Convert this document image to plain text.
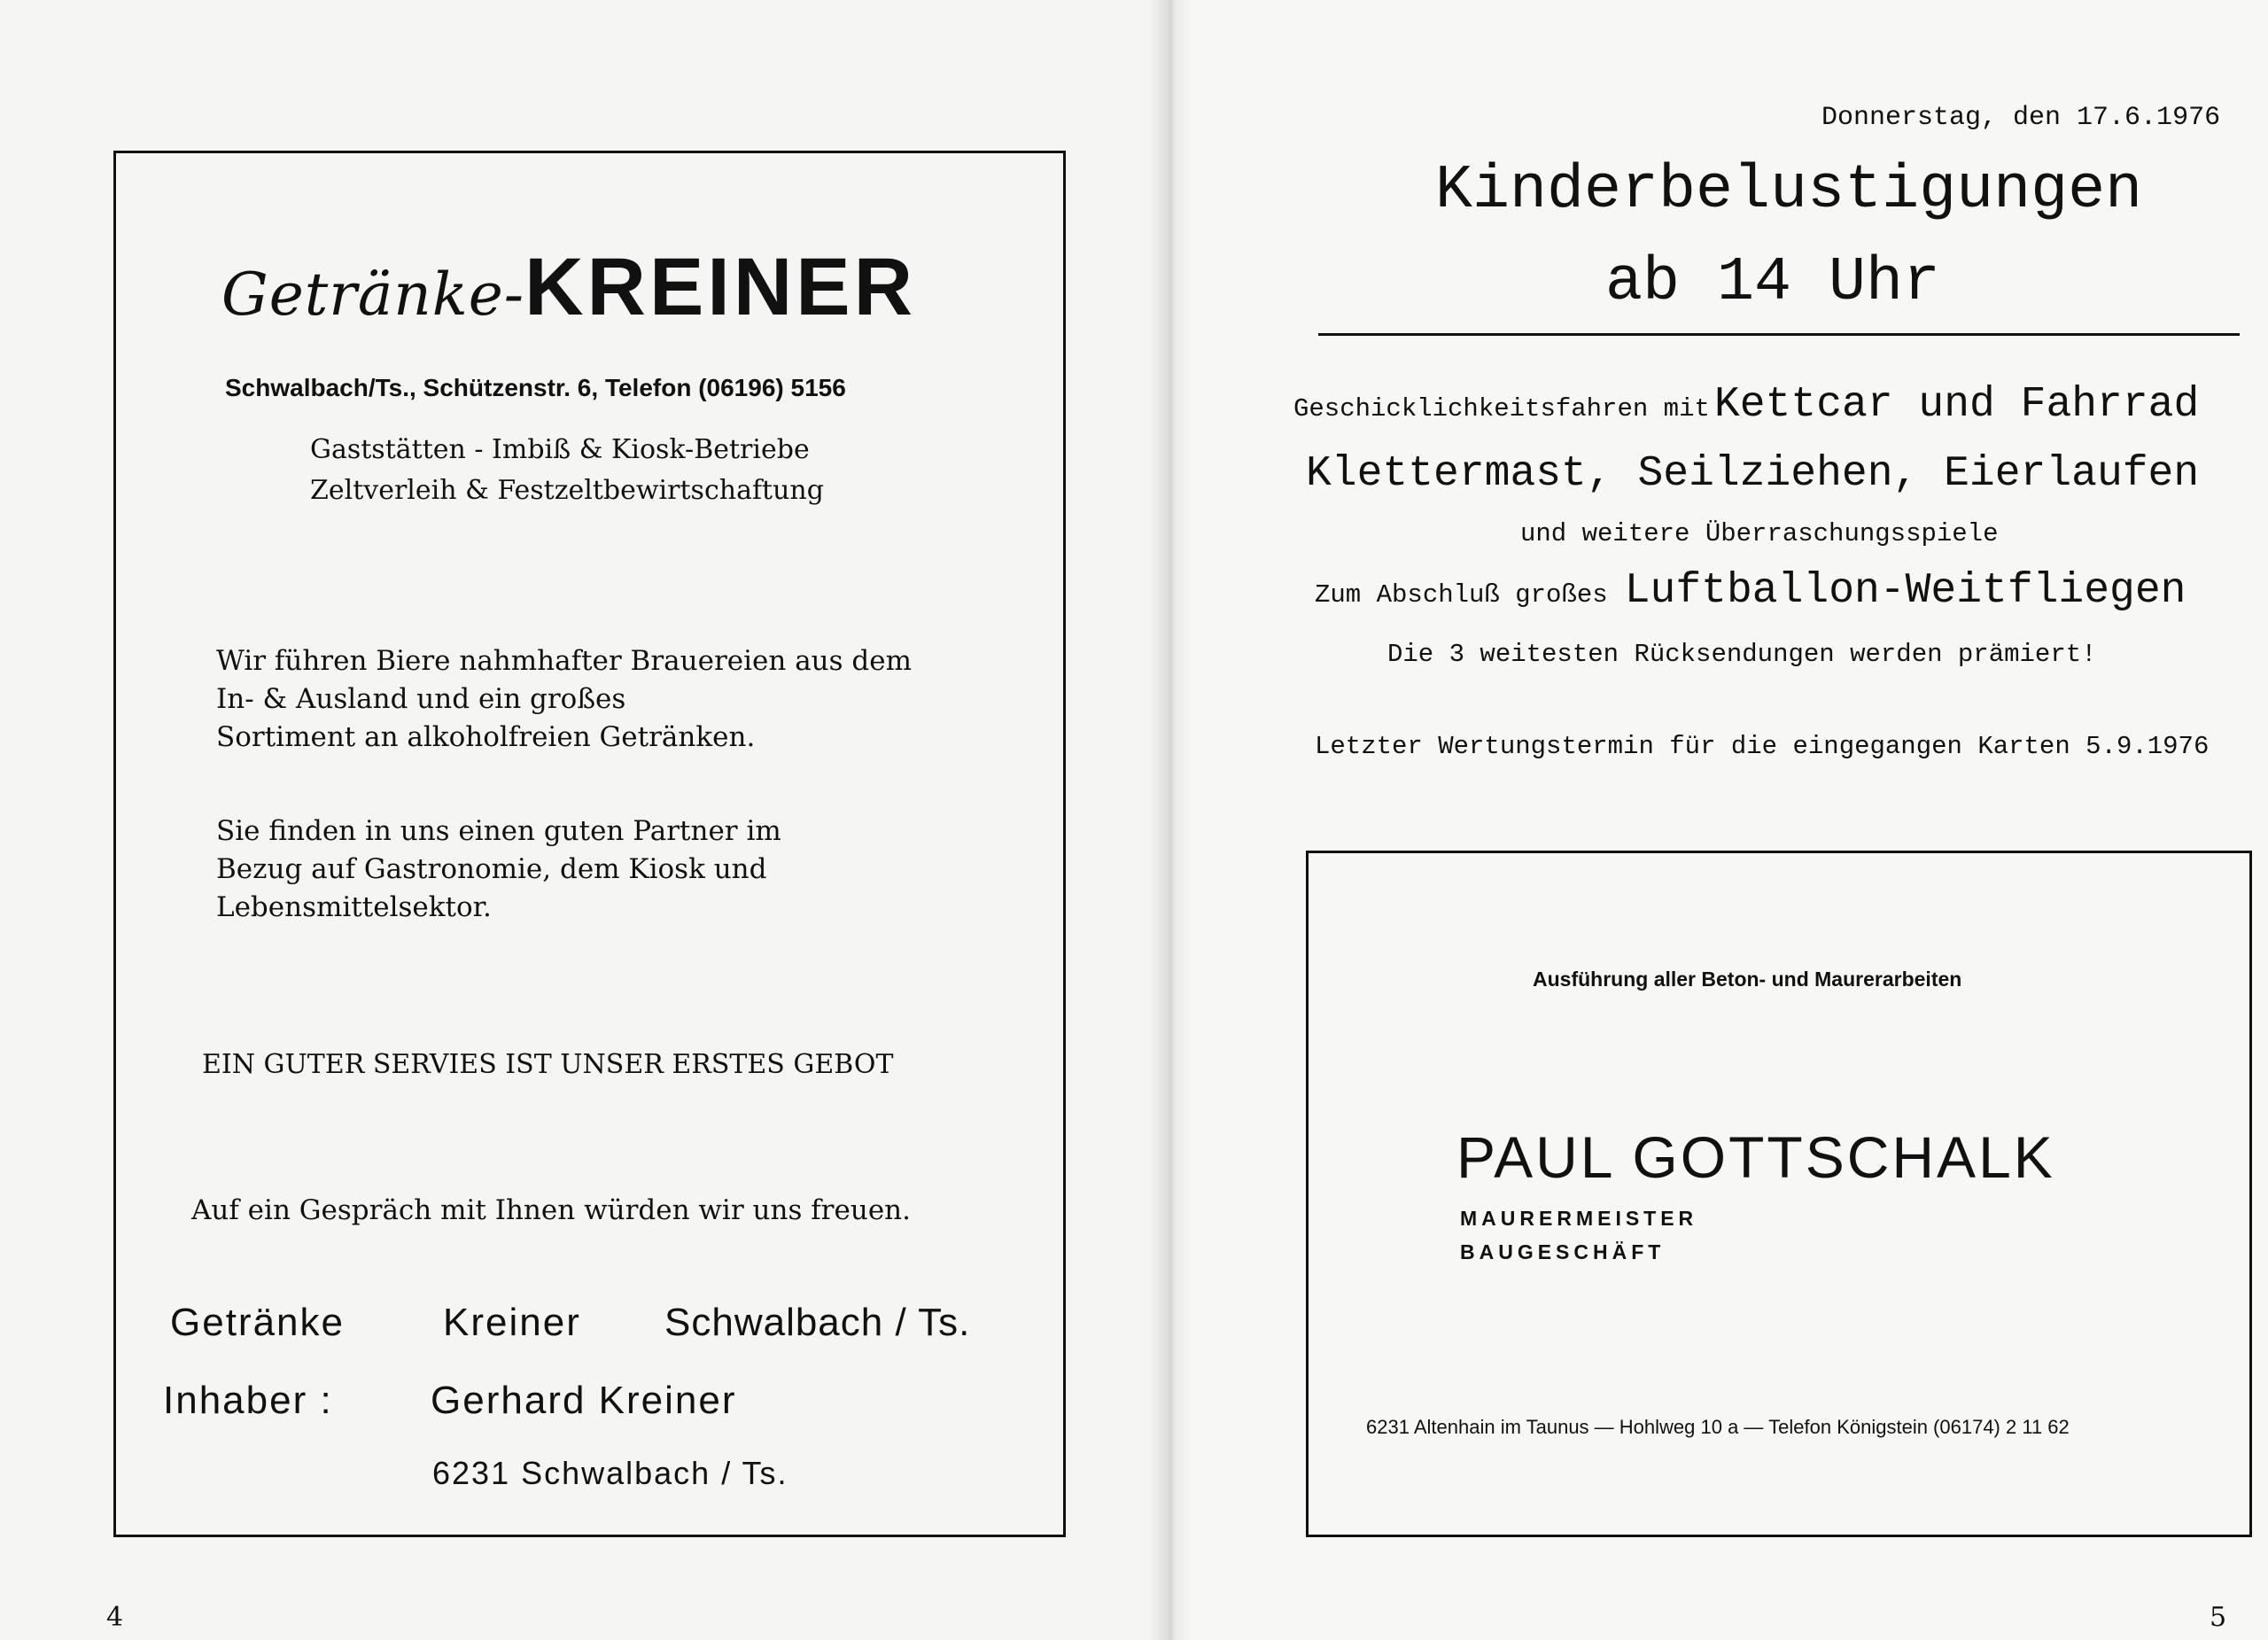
Getränke-KREINER
Schwalbach/Ts., Schützenstr. 6, Telefon (06196) 5156
Gaststätten - Imbiß & Kiosk-Betriebe
Zeltverleih & Festzeltbewirtschaftung
Wir führen Biere nahmhafter Brauereien aus dem
In- & Ausland und ein großes
Sortiment an alkoholfreien Getränken.
Sie finden in uns einen guten Partner im
Bezug auf Gastronomie, dem Kiosk und
Lebensmittelsektor.
EIN GUTER SERVIES IST UNSER ERSTES GEBOT
Auf ein Gespräch mit Ihnen würden wir uns freuen.
Getränke	Kreiner Schwalbach / Ts.
Inhaber :	Gerhard Kreiner
6231 Schwalbach / Ts.
4
Donnerstag, den 17.6.1976
Kinderbelustigungen
ab 14 Uhr
Geschicklichkeitsfahren mit Kettcar und Fahrrad
Klettermast, Seilziehen, Eierlaufen
und weitere Überraschungsspiele
Zum Abschluß großes Luftballon-Weitfliegen
Die 3 weitesten Rücksendungen werden prämiert!
Letzter Wertungstermin für die eingegangen Karten 5.9.1976
Ausführung aller Beton- und Maurerarbeiten
PAUL GOTTSCHALK
MAURERMEISTER
BAUGESCHÄFT
6231 Altenhain im Taunus — Hohlweg 10 a — Telefon Königstein (06174) 2 11 62
5
